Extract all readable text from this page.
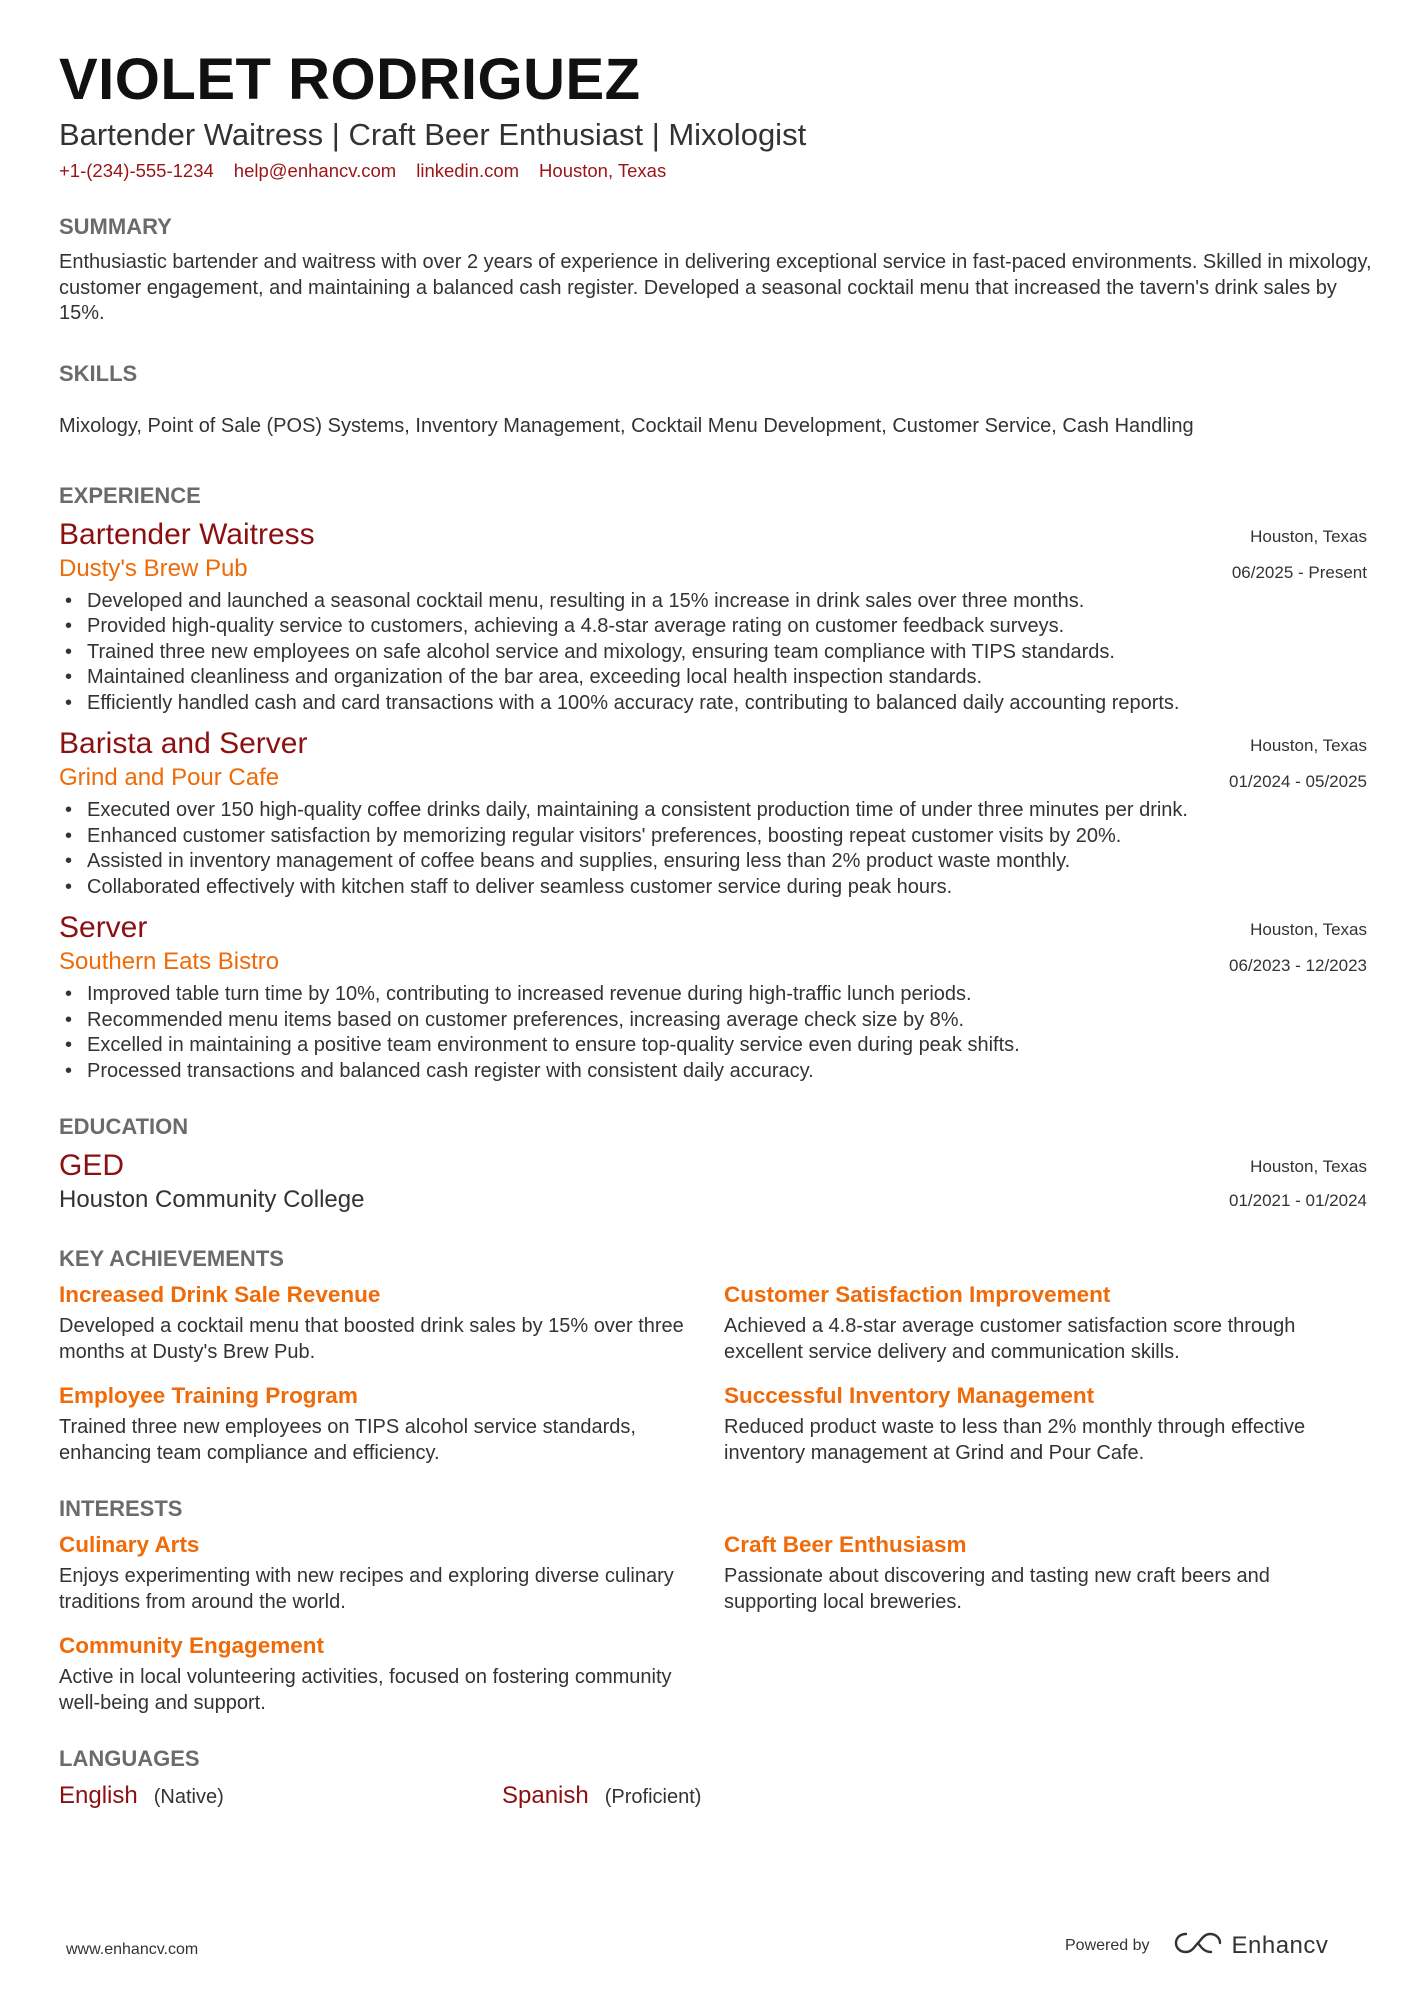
VIOLET RODRIGUEZ
Bartender Waitress | Craft Beer Enthusiast | Mixologist
+1-(234)-555-1234 help@enhancv.com linkedin.com Houston, Texas
SUMMARY
Enthusiastic bartender and waitress with over 2 years of experience in delivering exceptional service in fast-paced environments. Skilled in mixology, customer engagement, and maintaining a balanced cash register. Developed a seasonal cocktail menu that increased the tavern's drink sales by 15%.
SKILLS
Mixology, Point of Sale (POS) Systems, Inventory Management, Cocktail Menu Development, Customer Service, Cash Handling
EXPERIENCE
Bartender Waitress
Dusty's Brew Pub
Houston, Texas
06/2025 - Present
• Developed and launched a seasonal cocktail menu, resulting in a 15% increase in drink sales over three months.
• Provided high-quality service to customers, achieving a 4.8-star average rating on customer feedback surveys.
• Trained three new employees on safe alcohol service and mixology, ensuring team compliance with TIPS standards.
• Maintained cleanliness and organization of the bar area, exceeding local health inspection standards.
• Efficiently handled cash and card transactions with a 100% accuracy rate, contributing to balanced daily accounting reports.
Barista and Server
Grind and Pour Cafe
Houston, Texas
01/2024 - 05/2025
• Executed over 150 high-quality coffee drinks daily, maintaining a consistent production time of under three minutes per drink.
• Enhanced customer satisfaction by memorizing regular visitors' preferences, boosting repeat customer visits by 20%.
• Assisted in inventory management of coffee beans and supplies, ensuring less than 2% product waste monthly.
• Collaborated effectively with kitchen staff to deliver seamless customer service during peak hours.
Server
Southern Eats Bistro
Houston, Texas
06/2023 - 12/2023
• Improved table turn time by 10%, contributing to increased revenue during high-traffic lunch periods.
• Recommended menu items based on customer preferences, increasing average check size by 8%.
• Excelled in maintaining a positive team environment to ensure top-quality service even during peak shifts.
• Processed transactions and balanced cash register with consistent daily accuracy.
EDUCATION
GED
Houston Community College
Houston, Texas
01/2021 - 01/2024
KEY ACHIEVEMENTS
Increased Drink Sale Revenue
Developed a cocktail menu that boosted drink sales by 15% over three months at Dusty's Brew Pub.
Customer Satisfaction Improvement
Achieved a 4.8-star average customer satisfaction score through excellent service delivery and communication skills.
Employee Training Program
Trained three new employees on TIPS alcohol service standards, enhancing team compliance and efficiency.
Successful Inventory Management
Reduced product waste to less than 2% monthly through effective inventory management at Grind and Pour Cafe.
INTERESTS
Culinary Arts
Enjoys experimenting with new recipes and exploring diverse culinary traditions from around the world.
Craft Beer Enthusiasm
Passionate about discovering and tasting new craft beers and supporting local breweries.
Community Engagement
Active in local volunteering activities, focused on fostering community well-being and support.
LANGUAGES
English (Native)	Spanish (Proficient)
www.enhancv.com	Powered by	Enhancv
